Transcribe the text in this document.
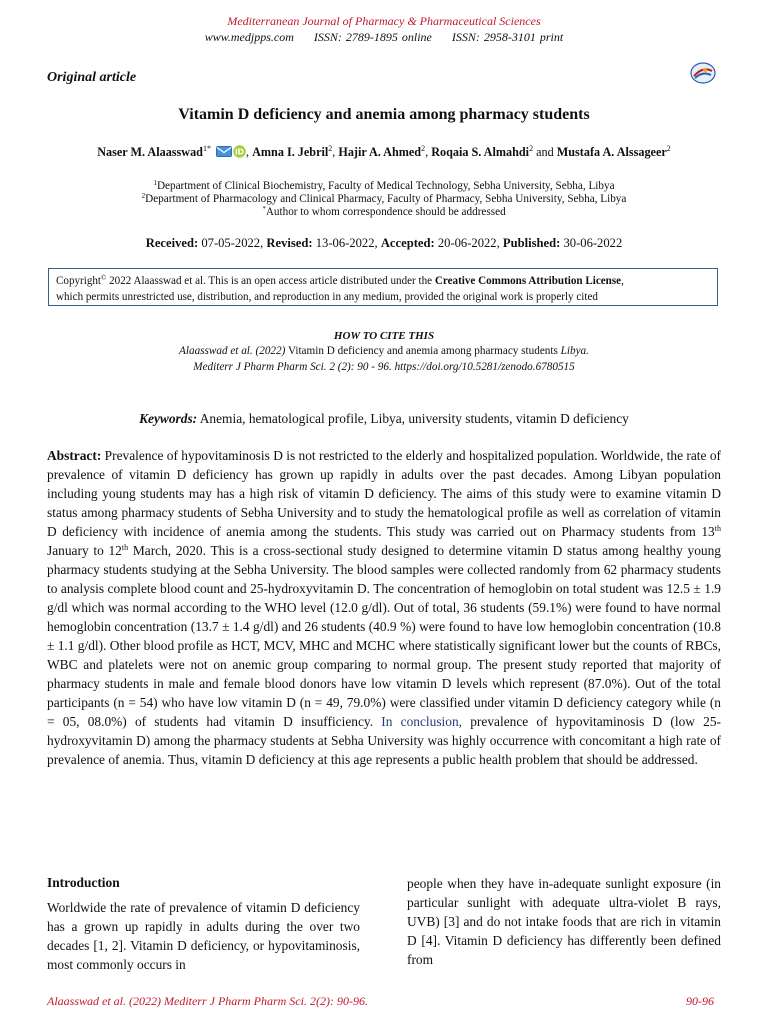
Mediterranean Journal of Pharmacy & Pharmaceutical Sciences
www.medjpps.com ISSN: 2789-1895 online ISSN: 2958-3101 print
Original article
Vitamin D deficiency and anemia among pharmacy students
Naser M. Alaasswad$^{1*}$	iD , Amna I. Jebril$^2$, Hajir A. Ahmed$^2$, Roqaia S. Almahdi$^2$ and Mustafa A. Alssageer$^2$
$^1$Department of Clinical Biochemistry, Faculty of Medical Technology, Sebha University, Sebha, Libya
$^2$Department of Pharmacology and Clinical Pharmacy, Faculty of Pharmacy, Sebha University, Sebha, Libya
*Author to whom correspondence should be addressed
Received: 07-05-2022, Revised: 13-06-2022, Accepted: 20-06-2022, Published: 30-06-2022
Copyright© 2022 Alaasswad et al. This is an open access article distributed under the Creative Commons Attribution License,
which permits unrestricted use, distribution, and reproduction in any medium, provided the original work is properly cited
HOW TO CITE THIS
Alaasswad et al. (2022) Vitamin D deficiency and anemia among pharmacy students Libya.
Mediterr J Pharm Pharm Sci. 2 (2): 90 - 96. https://doi.org/10.5281/zenodo.6780515
Keywords: Anemia, hematological profile, Libya, university students, vitamin D deficiency

Abstract: Prevalence of hypovitaminosis D is not restricted to the elderly and hospitalized population. Worldwide, the rate of prevalence of vitamin D deficiency has grown up rapidly in adults over the past decades. Among Libyan population including young students may has a high risk of vitamin D deficiency. The aims of this study were to examine vitamin D status among pharmacy students of Sebha University and to study the hematological profile as well as correlation of vitamin D deficiency with incidence of anemia among the students. This study was carried out on Pharmacy students from 13th January to 12th March, 2020. This is a cross-sectional study designed to determine vitamin D status among healthy young pharmacy students studying at the Sebha University. The blood samples were collected randomly from 62 pharmacy students to analysis complete blood count and 25-hydroxyvitamin D. The concentration of hemoglobin on total student was 12.5 ± 1.9 g/dl which was normal according to the WHO level (12.0 g/dl). Out of total, 36 students (59.1%) were found to have normal hemoglobin concentration (13.7 ± 1.4 g/dl) and 26 students (40.9 %) were found to have low hemoglobin concentration (10.8 ± 1.1 g/dl). Other blood profile as HCT, MCV, MHC and MCHC where statistically significant lower but the counts of RBCs, WBC and platelets were not on anemic group comparing to normal group. The present study reported that majority of pharmacy students in male and female blood donors have low vitamin D levels which represent (87.0%). Out of the total participants (n = 54) who have low vitamin D (n = 49, 79.0%) were classified under vitamin D deficiency category while (n = 05, 08.0%) of students had vitamin D insufficiency. In conclusion, prevalence of hypovitaminosis D (low 25-hydroxyvitamin D) among the pharmacy students at Sebha University was highly occurrence with concomitant a high rate of prevalence of anemia. Thus, vitamin D deficiency at this age represents a public health problem that should be addressed.

Introduction

Worldwide the rate of prevalence of vitamin D deficiency has a grown up rapidly in adults during the over two decades [1, 2]. Vitamin D deficiency, or hypovitaminosis, most commonly occurs in

people when they have in-adequate sunlight exposure (in particular sunlight with adequate ultra-violet B rays, UVB) [3] and do not intake foods that are rich in vitamin D [4]. Vitamin D deficiency has differently been defined from

Alaasswad et al. (2022) Mediterr J Pharm Pharm Sci. 2(2): 90-96.	90-96
